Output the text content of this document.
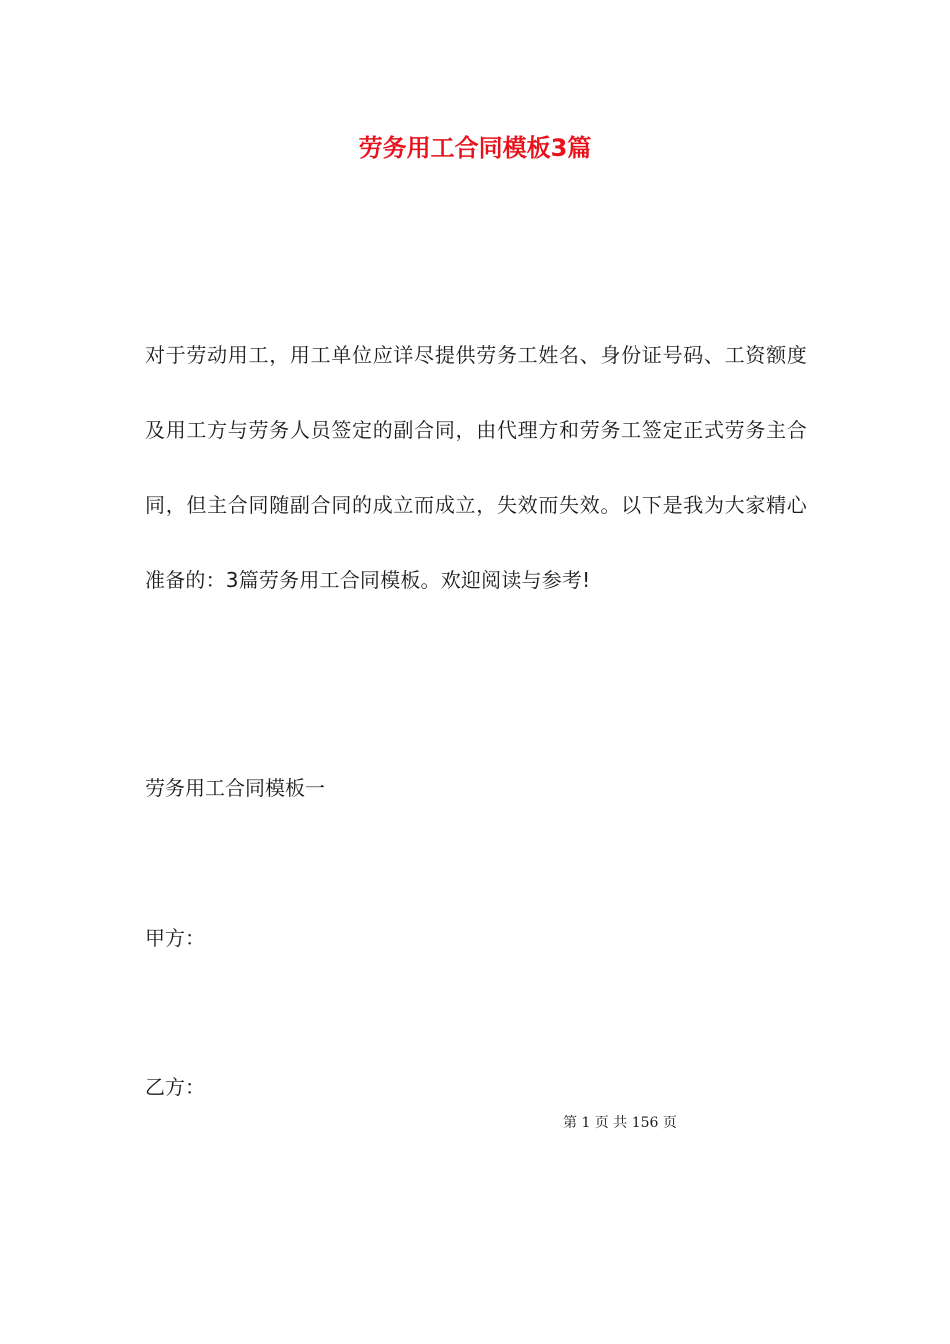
劳务用工合同模板3篇

对于劳动用工，用工单位应详尽提供劳务工姓名、身份证号码、工资额度及用工方与劳务人员签定的副合同，由代理方和劳务工签定正式劳务主合同，但主合同随副合同的成立而成立，失效而失效。以下是我为大家精心准备的：3篇劳务用工合同模板。欢迎阅读与参考!

劳务用工合同模板一

甲方：

乙方：

第 1 页 共 156 页
